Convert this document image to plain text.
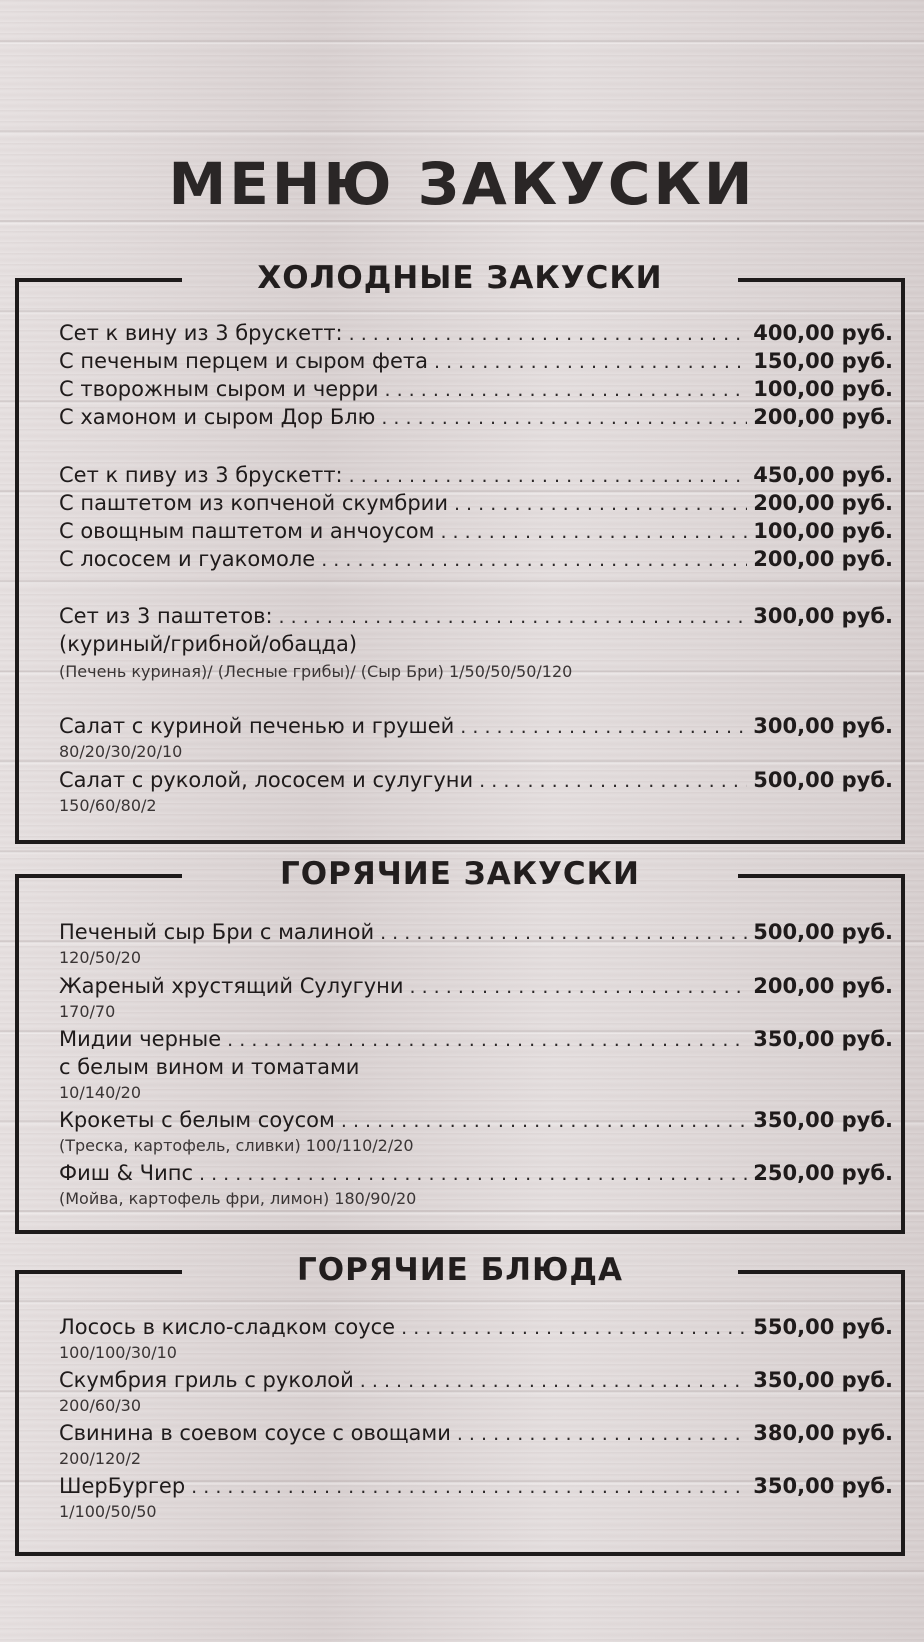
МЕНЮ ЗАКУСКИ
ХОЛОДНЫЕ ЗАКУСКИ
Сет к вину из 3 брускетт: . . .	400,00 руб.
С печеным перцем и сыром фета . . .	150,00 руб.
С творожным сыром и черри . . .	100,00 руб.
С хамоном и сыром Дор Блю . . .	200,00 руб.
Сет к пиву из 3 брускетт: . . .	450,00 руб.
С паштетом из копченой скумбрии . . .	200,00 руб.
С овощным паштетом и анчоусом . . .	100,00 руб.
С лососем и гуакомоле . . .	200,00 руб.
Сет из 3 паштетов: . . .	300,00 руб.
(куриный/грибной/обацда)
(Печень куриная)/ (Лесные грибы)/ (Сыр Бри) 1/50/50/50/120
Салат с куриной печенью и грушей . . .	300,00 руб.
80/20/30/20/10
Салат с руколой, лососем и сулугуни . . .	500,00 руб.
150/60/80/2
ГОРЯЧИЕ ЗАКУСКИ
Печеный сыр Бри с малиной . . .	500,00 руб.
120/50/20
Жареный хрустящий Сулугуни . . .	200,00 руб.
170/70
Мидии черные . . .	350,00 руб.
с белым вином и томатами
10/140/20
Крокеты с белым соусом . . .	350,00 руб.
(Треска, картофель, сливки) 100/110/2/20
Фиш & Чипс . . .	250,00 руб.
(Мойва, картофель фри, лимон) 180/90/20
ГОРЯЧИЕ БЛЮДА
Лосось в кисло-сладком соусе . . .	550,00 руб.
100/100/30/10
Скумбрия гриль с руколой . . .	350,00 руб.
200/60/30
Свинина в соевом соусе с овощами . . .	380,00 руб.
200/120/2
ШерБургер . . .	350,00 руб.
1/100/50/50
